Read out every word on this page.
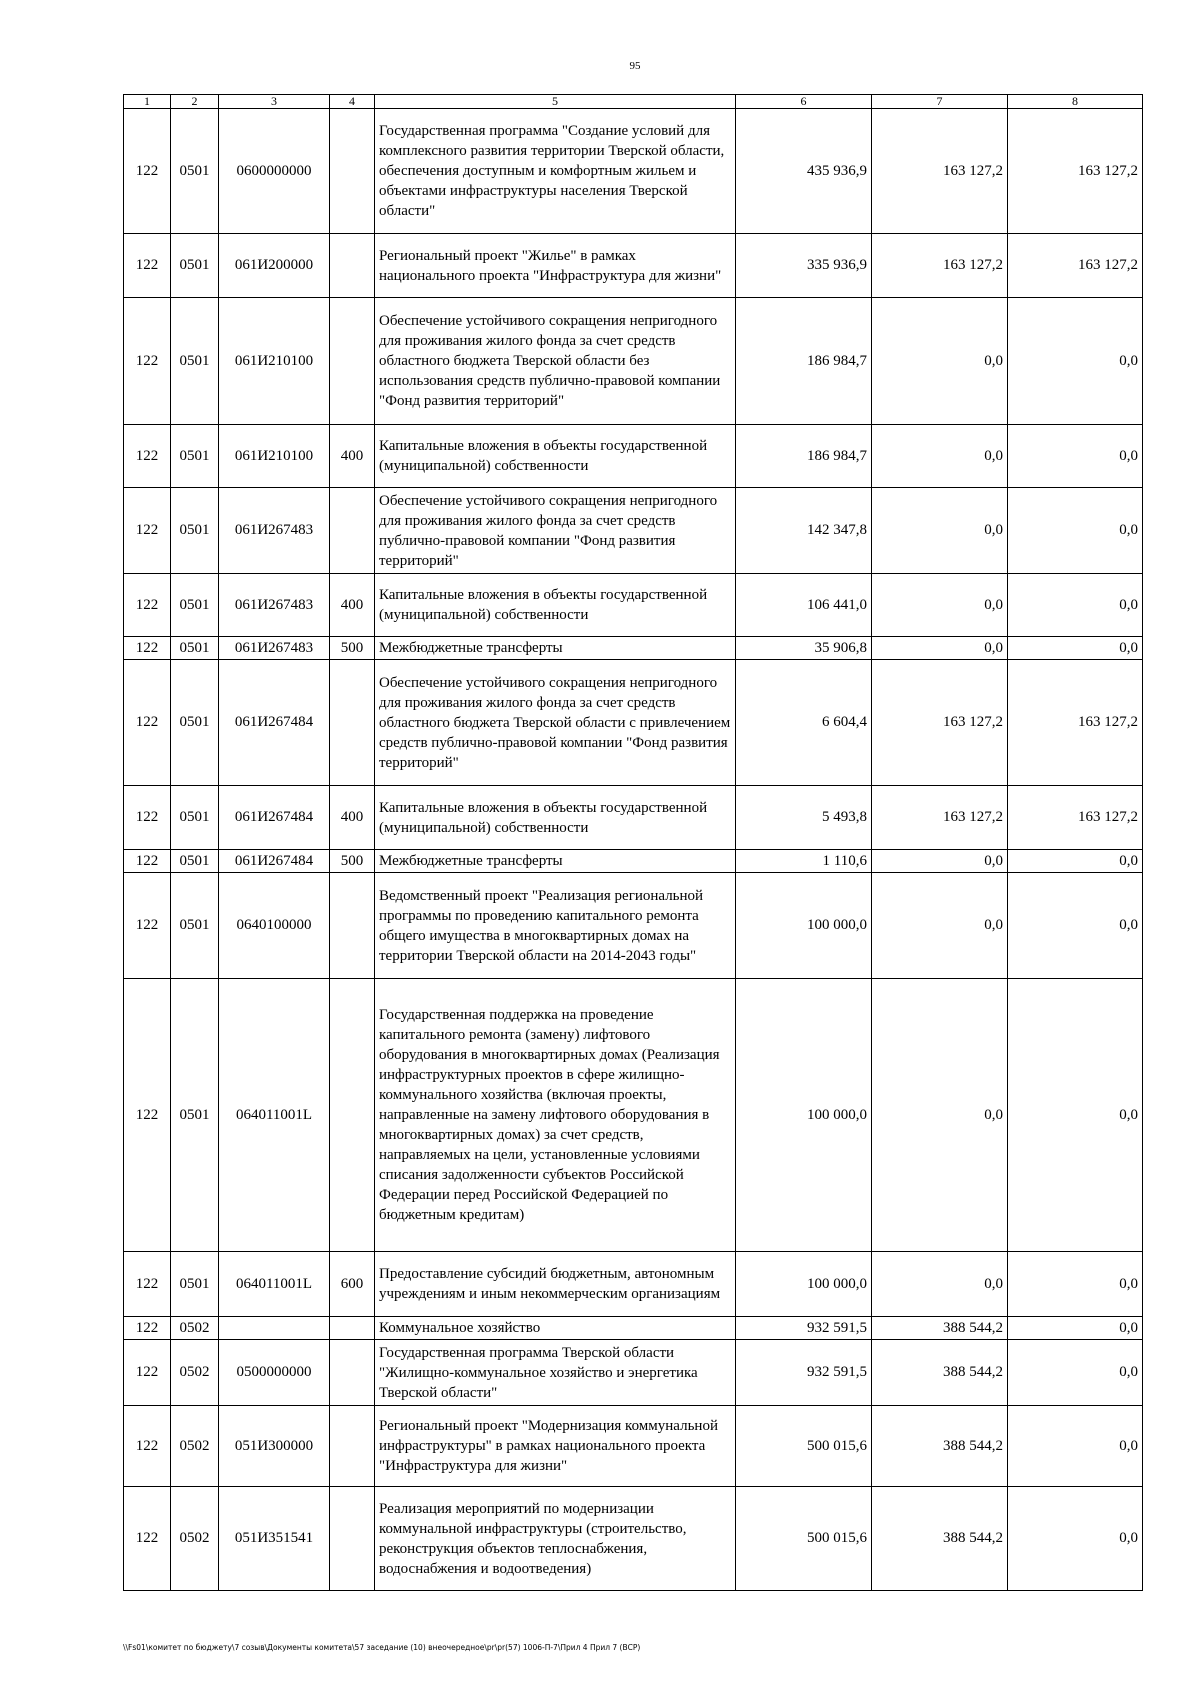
95
1	2	3	4	5	6	7	8
122	0501	0600000000		Государственная программа "Создание условий для комплексного развития территории Тверской области, обеспечения доступным и комфортным жильем и объектами инфраструктуры населения Тверской области"	435 936,9	163 127,2	163 127,2
122	0501	061И200000		Региональный проект "Жилье" в рамках национального проекта "Инфраструктура для жизни"	335 936,9	163 127,2	163 127,2
122	0501	061И210100		Обеспечение устойчивого сокращения непригодного для проживания жилого фонда за счет средств областного бюджета Тверской области без использования средств публично-правовой компании "Фонд развития территорий"	186 984,7	0,0	0,0
122	0501	061И210100	400	Капитальные вложения в объекты государственной (муниципальной) собственности	186 984,7	0,0	0,0
122	0501	061И267483		Обеспечение устойчивого сокращения непригодного для проживания жилого фонда за счет средств публично-правовой компании "Фонд развития территорий"	142 347,8	0,0	0,0
122	0501	061И267483	400	Капитальные вложения в объекты государственной (муниципальной) собственности	106 441,0	0,0	0,0
122	0501	061И267483	500	Межбюджетные трансферты	35 906,8	0,0	0,0
122	0501	061И267484		Обеспечение устойчивого сокращения непригодного для проживания жилого фонда за счет средств областного бюджета Тверской области с привлечением средств публично-правовой компании "Фонд развития территорий"	6 604,4	163 127,2	163 127,2
122	0501	061И267484	400	Капитальные вложения в объекты государственной (муниципальной) собственности	5 493,8	163 127,2	163 127,2
122	0501	061И267484	500	Межбюджетные трансферты	1 110,6	0,0	0,0
122	0501	0640100000		Ведомственный проект "Реализация региональной программы по проведению капитального ремонта общего имущества в многоквартирных домах на территории Тверской области на 2014-2043 годы"	100 000,0	0,0	0,0
122	0501	064011001L		Государственная поддержка на проведение капитального ремонта (замену) лифтового оборудования в многоквартирных домах (Реализация инфраструктурных проектов в сфере жилищно-коммунального хозяйства (включая проекты, направленные на замену лифтового оборудования в многоквартирных домах) за счет средств, направляемых на цели, установленные условиями списания задолженности субъектов Российской Федерации перед Российской Федерацией по бюджетным кредитам)	100 000,0	0,0	0,0
122	0501	064011001L	600	Предоставление субсидий бюджетным, автономным учреждениям и иным некоммерческим организациям	100 000,0	0,0	0,0
122	0502			Коммунальное хозяйство	932 591,5	388 544,2	0,0
122	0502	0500000000		Государственная программа Тверской области "Жилищно-коммунальное хозяйство и энергетика Тверской области"	932 591,5	388 544,2	0,0
122	0502	051И300000		Региональный проект "Модернизация коммунальной инфраструктуры" в рамках национального проекта "Инфраструктура для жизни"	500 015,6	388 544,2	0,0
122	0502	051И351541		Реализация мероприятий по модернизации коммунальной инфраструктуры (строительство, реконструкция объектов теплоснабжения, водоснабжения и водоотведения)	500 015,6	388 544,2	0,0
\\Fs01\комитет по бюджету\7 созыв\Документы комитета\57 заседание (10) внеочередное\pr\pr(57) 1006-П-7\Прил 4 Прил 7 (ВСР)
